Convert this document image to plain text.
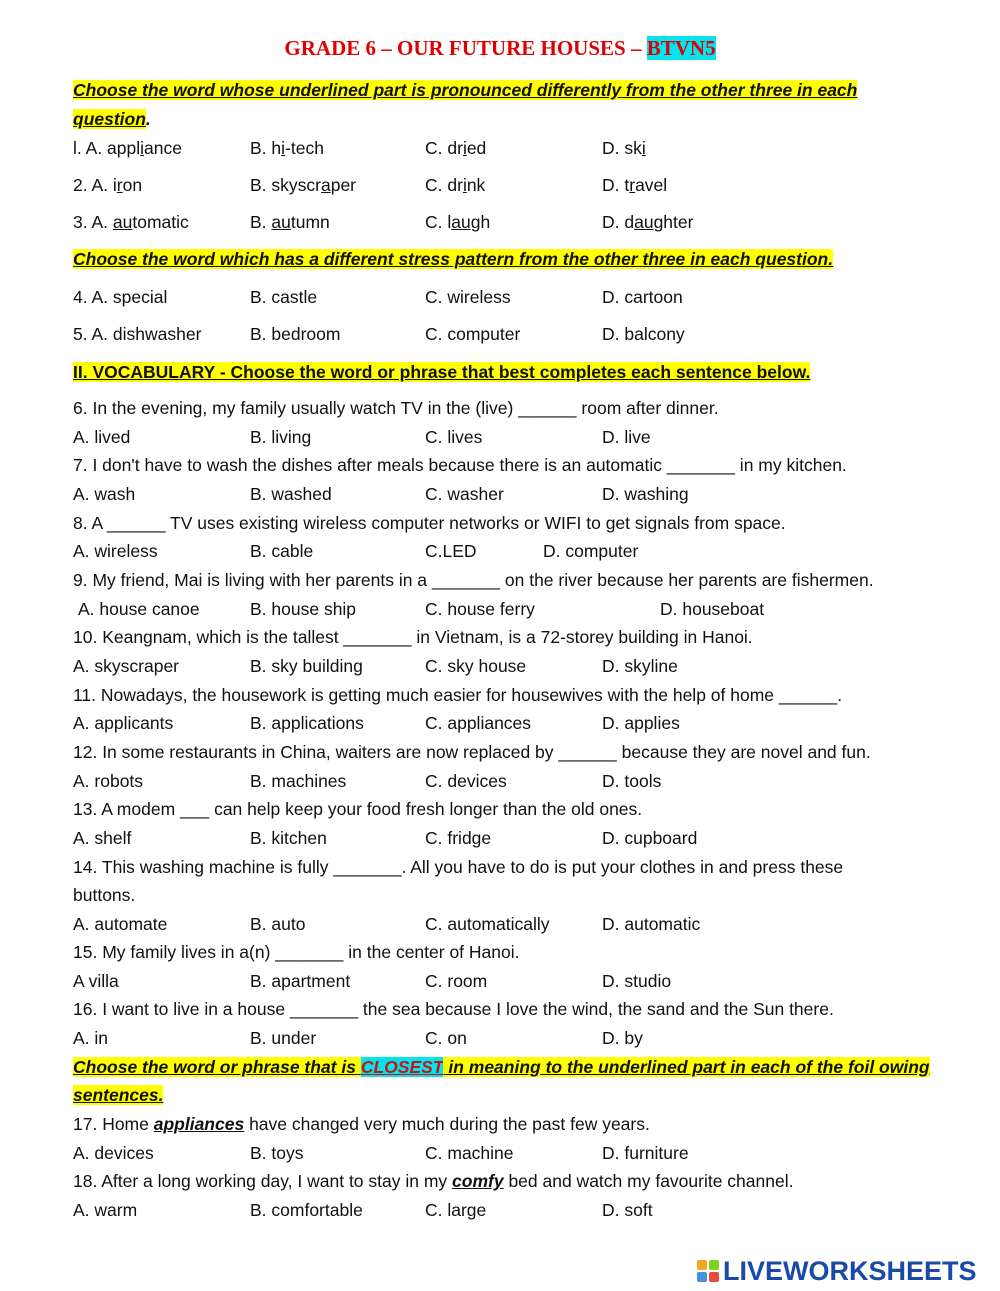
GRADE 6 – OUR FUTURE HOUSES – BTVN5
Choose the word whose underlined part is pronounced differently from the other three in each
question.
l. A. appliance	B. hi-tech	C. dried	D. ski
2. A. iron	B. skyscraper	C. drink	D. travel
3. A. automatic	B. autumn	C. laugh	D. daughter
Choose the word which has a different stress pattern from the other three in each question.
4. A. special	B. castle	C. wireless	D. cartoon
5. A. dishwasher	B. bedroom	C. computer	D. balcony
II. VOCABULARY - Choose the word or phrase that best completes each sentence below.
6. In the evening, my family usually watch TV in the (live) ______ room after dinner.
A. lived	B. living	C. lives	D. live
7. I don't have to wash the dishes after meals because there is an automatic _______ in my kitchen.
A. wash	B. washed	C. washer	D. washing
8. A ______ TV uses existing wireless computer networks or WIFI to get signals from space.
A. wireless	B. cable	C.LED	D. computer
9. My friend, Mai is living with her parents in a _______ on the river because her parents are fishermen.
A. house canoe	B. house ship	C. house ferry	D. houseboat
10. Keangnam, which is the tallest _______ in Vietnam, is a 72-storey building in Hanoi.
A. skyscraper	B. sky building	C. sky house	D. skyline
11. Nowadays, the housework is getting much easier for housewives with the help of home ______.
A. applicants	B. applications	C. appliances	D. applies
12. In some restaurants in China, waiters are now replaced by ______ because they are novel and fun.
A. robots	B. machines	C. devices	D. tools
13. A modem ___ can help keep your food fresh longer than the old ones.
A. shelf	B. kitchen	C. fridge	D. cupboard
14. This washing machine is fully _______. All you have to do is put your clothes in and press these
buttons.
A. automate	B. auto	C. automatically	D. automatic
15. My family lives in a(n) _______ in the center of Hanoi.
A villa	B. apartment	C. room	D. studio
16. I want to live in a house _______ the sea because I love the wind, the sand and the Sun there.
A. in	B. under	C. on	D. by
Choose the word or phrase that is CLOSEST in meaning to the underlined part in each of the foil owing
sentences.
17. Home appliances have changed very much during the past few years.
A. devices	B. toys	C. machine	D. furniture
18. After a long working day, I want to stay in my comfy bed and watch my favourite channel.
A. warm	B. comfortable	C. large	D. soft
LIVEWORKSHEETS
